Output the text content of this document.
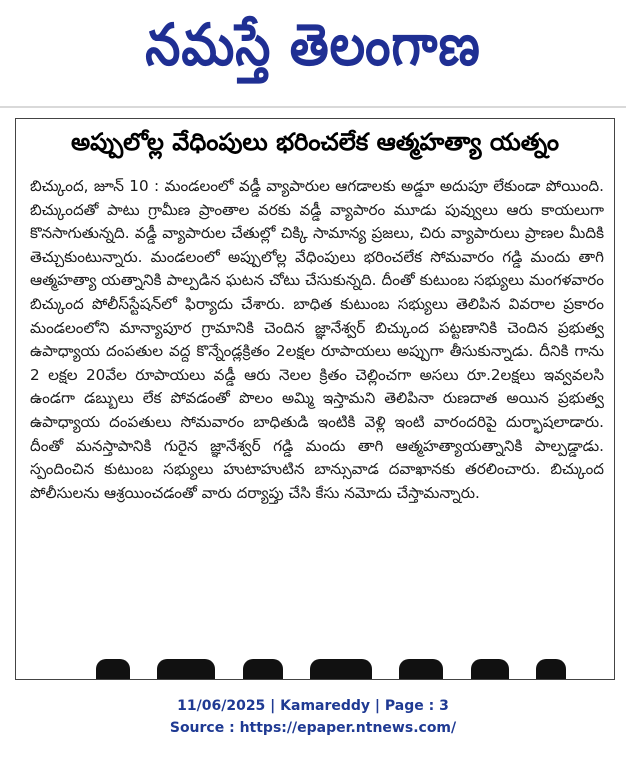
నమస్తే తెలంగాణ
అప్పులోల్ల వేధింపులు భరించలేక ఆత్మహత్యా యత్నం

బిచ్కుంద, జూన్ 10 : మండలంలో వడ్డీ వ్యాపారుల ఆగడాలకు అడ్డూ అదుపూ లేకుండా పోయింది. బిచ్కుందతో పాటు గ్రామీణ ప్రాంతాల వరకు వడ్డీ వ్యాపారం మూడు పువ్వులు ఆరు కాయలుగా కొనసాగుతున్నది. వడ్డీ వ్యాపారుల చేతుల్లో చిక్కి సామాన్య ప్రజలు, చిరు వ్యాపారులు ప్రాణల మీదికి తెచ్చుకుంటున్నారు. మండలంలో అప్పులోల్ల వేధింపులు భరించలేక సోమవారం గడ్డి మందు తాగి ఆత్మహత్యా యత్నానికి పాల్పడిన ఘటన చోటు చేసుకున్నది. దీంతో కుటుంబ సభ్యులు మంగళవారం బిచ్కుంద పోలీస్‌స్టేషన్‌లో ఫిర్యాదు చేశారు. బాధిత కుటుంబ సభ్యులు తెలిపిన వివరాల ప్రకారం మండలంలోని మాన్యాపూర గ్రామానికి చెందిన జ్ఞానేశ్వర్ బిచ్కుంద పట్టణానికి చెందిన ప్రభుత్వ ఉపాధ్యాయ దంపతుల వద్ద కొన్నేండ్లక్రితం 2లక్షల రూపాయలు అప్పుగా తీసుకున్నాడు. దీనికి గాను 2 లక్షల 20వేల రూపాయలు వడ్డీ ఆరు నెలల క్రితం చెల్లించగా అసలు రూ.2లక్షలు ఇవ్వవలసి ఉండగా డబ్బులు లేక పోవడంతో పొలం అమ్మి ఇస్తామని తెలిపినా రుణదాత అయిన ప్రభుత్వ ఉపాధ్యాయ దంపతులు సోమవారం బాధితుడి ఇంటికి వెళ్లి ఇంటి వారందరిపై దుర్భాషలాడారు. దీంతో మనస్తాపానికి గురైన జ్ఞానేశ్వర్ గడ్డి మందు తాగి ఆత్మహత్యాయత్నానికి పాల్పడ్డాడు. స్పందించిన కుటుంబ సభ్యులు హుటాహుటిన బాన్సువాడ దవాఖానకు తరలించారు. బిచ్కుంద పోలీసులను ఆశ్రయించడంతో వారు దర్యాప్తు చేసి కేసు నమోదు చేస్తామన్నారు.

11/06/2025 | Kamareddy | Page : 3
Source : https://epaper.ntnews.com/
